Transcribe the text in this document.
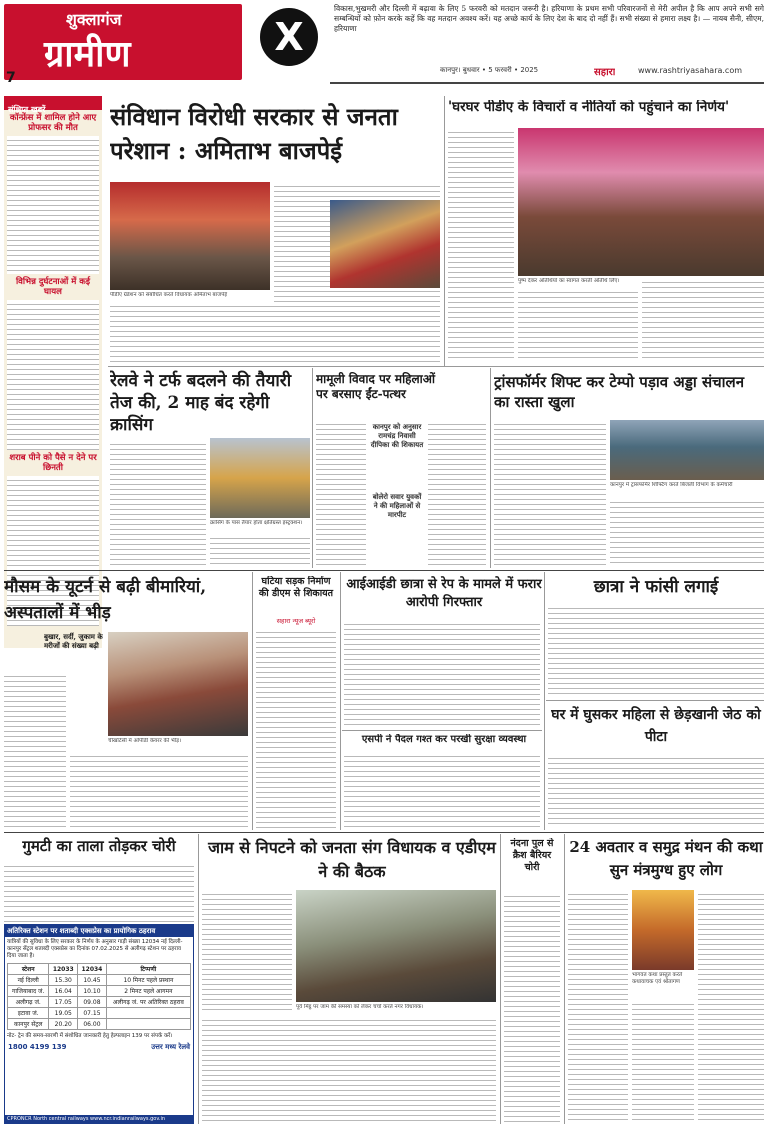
शुक्लागंज
ग्रामीण
7
X
विकास,भुखमरी और दिल्ली में बढ़ावा के लिए 5 फरवरी को मतदान जरूरी है। हरियाणा के प्रथम सभी परिवारजनों से मेरी अपील है कि आप अपने सभी सगे सम्बन्धियों को फ़ोन करके कहें कि वह मतदान अवश्य करें। यह अच्छे कार्य के लिए देश के बाद दो नहीं हैं। सभी संख्या से हमारा लक्ष्य है। — नायब सैनी, सीएम, हरियाणा
कानपुर। बुधवार • 5 फरवरी • 2025	सहारा	www.rashtriyasahara.com
संक्षिप्त खबरें
कॉन्फ्रेंस में शामिल होने आए प्रोफसर की मौत
विभिन्न दुर्घटनाओं में कई घायल
शराब पीने को पैसे न देने पर छिनती
संविधान विरोधी सरकार से जनता परेशान : अमिताभ बाजपेई
पीडीए ग्रेडेशन को संबोधित करते विधायक अमिताभ बाजपेई
'घरघर पीडीए के विचारों व नीतियों को पहुंचाने का निर्णय'
पुष्प देकर अतिथियों का स्वागत करती अतिथि लिए।
रेलवे ने टर्फ बदलने की तैयारी तेज की, 2 माह बंद रहेगी क्रासिंग
क्रासिंग के पास तैयार होता क्षतिग्रस्त इंस्ट्रक्शन।
मामूली विवाद पर महिलाओं पर बरसाए ईंट-पत्थर
कानपुर को अनुसार रामचंद्र निवासी दीपिका की शिकायत
बोलेरो सवार युवकों ने की महिलाओं से मारपीट
ट्रांसफॉर्मर शिफ्ट कर टेम्पो पड़ाव अड्डा संचालन का रास्ता खुला
कानपुर में ट्रांसफॉर्मर शिफ्टिंग करते बिजली विभाग के कर्मचारी
मौसम के यूटर्न से बढ़ी बीमारियां, अस्पतालों में भीड़
बुखार, सर्दी, जुकाम के मरीजों की संख्या बढ़ी
चीखटिसी में ओपीडी केयरर की भीड़।
घटिया सड़क निर्माण की डीएम से शिकायत
सहारा न्यूज ब्यूरो
आईआईडी छात्रा से रेप के मामले में फरार आरोपी गिरफ्तार
एसपी ने पैदल गश्त कर परखी सुरक्षा व्यवस्था
छात्रा ने फांसी लगाई
घर में घुसकर महिला से छेड़खानी जेठ को पीटा
गुमटी का ताला तोड़कर चोरी
अतिरिक्त स्टेशन पर शताब्दी एक्सप्रेस का प्रायोगिक ठहराव
यात्रियों की सुविधा के लिए सरकार के निर्णय के अनुसार गाड़ी संख्या 12034 नई दिल्ली-कानपुर सेंट्रल शताब्दी एक्सप्रेस का दिनांक 07.02.2025 से अलीगढ़ स्टेशन पर ठहराव दिया जाता है।
स्टेशन	12033	12034	टिप्पणी
नई दिल्ली	15.30	10.45	10 मिनट पहले प्रस्थान
गाजियाबाद जं.	16.04	10.10	2 मिनट पहले आगमन
अलीगढ़ जं.	17.05	09.08	अलीगढ़ जं. पर अतिरिक्त ठहराव
इटावा जं.	19.05	07.15	
कानपुर सेंट्रल	20.20	06.00	
नोट- ट्रेन की समय-सारणी में संशोधित जानकारी हेतु हेल्पलाइन 139 पर संपर्क करें।
1800 4199 139	उत्तर मध्य रेलवे
CPRONCR North central railways www.ncr.indianrailways.gov.in
जाम से निपटने को जनता संग विधायक व एडीएम ने की बैठक
पूर्व मिट्ठ पर जाम की समस्या को लेकर चर्चा करते नगर विधायक।
नंदना पुल से क्रैश बैरियर चोरी
24 अवतार व समुद्र मंथन की कथा सुन मंत्रमुग्ध हुए लोग
भागवत कथा प्रस्तुत करते कथावाचक एवं श्रोतागण
